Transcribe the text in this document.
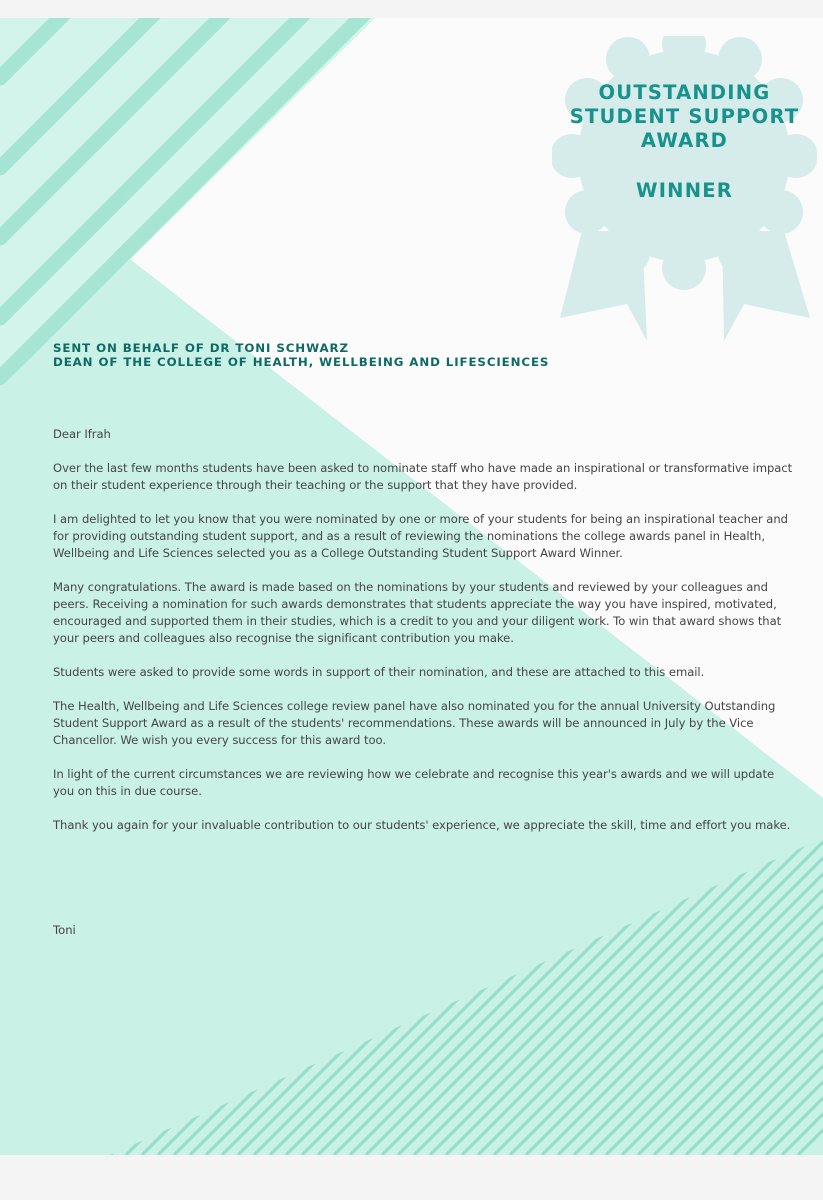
OUTSTANDING
STUDENT SUPPORT
AWARD
WINNER
SENT ON BEHALF OF DR TONI SCHWARZ
DEAN OF THE COLLEGE OF HEALTH, WELLBEING AND LIFESCIENCES

Dear Ifrah

Over the last few months students have been asked to nominate staff who have made an inspirational or transformative impact on their student experience through their teaching or the support that they have provided.

I am delighted to let you know that you were nominated by one or more of your students for being an inspirational teacher and for providing outstanding student support, and as a result of reviewing the nominations the college awards panel in Health, Wellbeing and Life Sciences selected you as a College Outstanding Student Support Award Winner.

Many congratulations. The award is made based on the nominations by your students and reviewed by your colleagues and peers. Receiving a nomination for such awards demonstrates that students appreciate the way you have inspired, motivated, encouraged and supported them in their studies, which is a credit to you and your diligent work. To win that award shows that your peers and colleagues also recognise the significant contribution you make.

Students were asked to provide some words in support of their nomination, and these are attached to this email.

The Health, Wellbeing and Life Sciences college review panel have also nominated you for the annual University Outstanding Student Support Award as a result of the students' recommendations. These awards will be announced in July by the Vice Chancellor. We wish you every success for this award too.

In light of the current circumstances we are reviewing how we celebrate and recognise this year's awards and we will update you on this in due course.

Thank you again for your invaluable contribution to our students' experience, we appreciate the skill, time and effort you make.

Toni
